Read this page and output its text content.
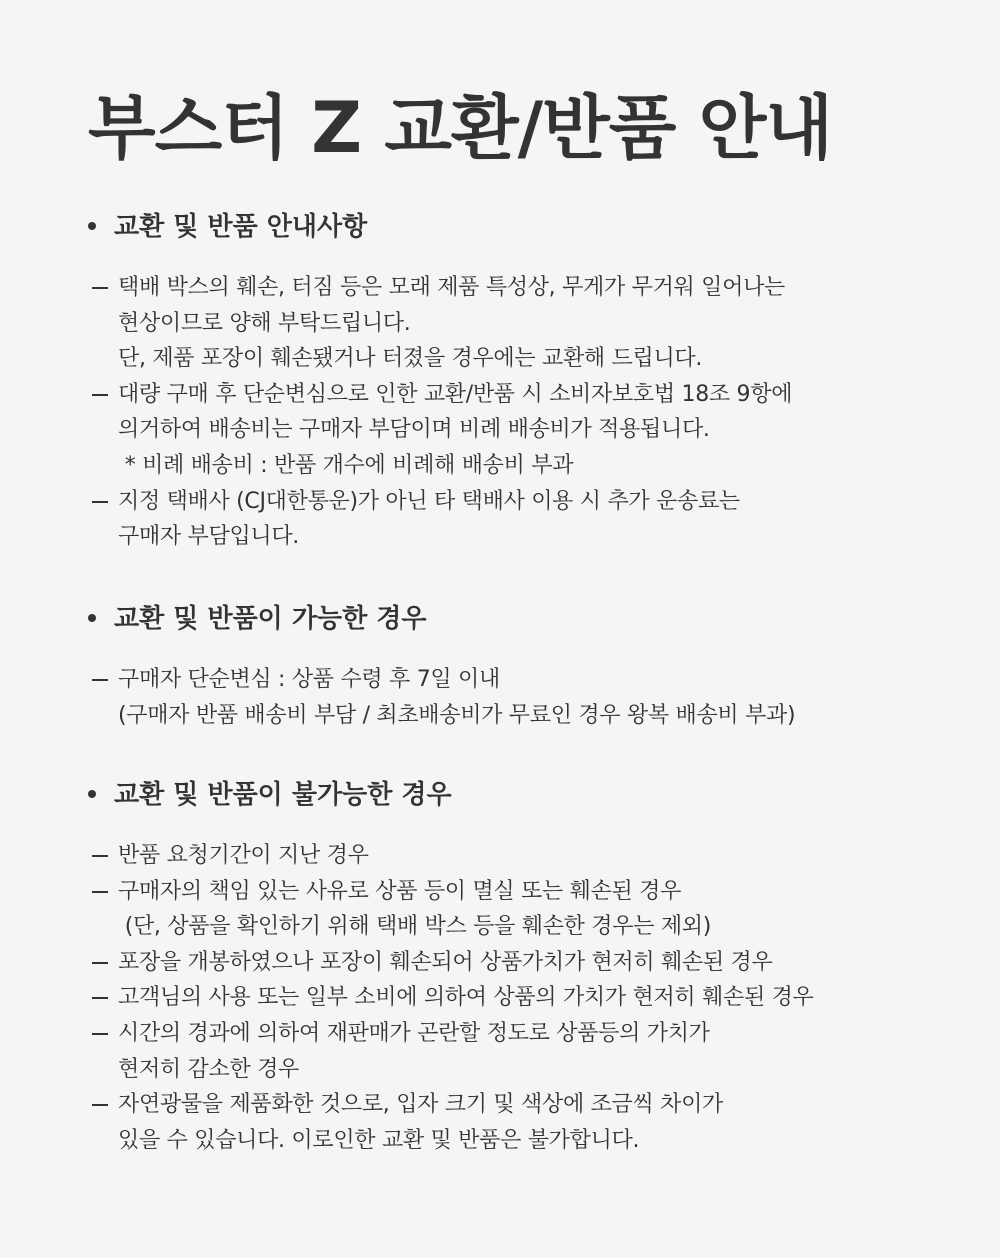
부스터 Z 교환/반품 안내
교환 및 반품 안내사항
택배 박스의 훼손, 터짐 등은 모래 제품 특성상, 무게가 무거워 일어나는
현상이므로 양해 부탁드립니다.
단, 제품 포장이 훼손됐거나 터졌을 경우에는 교환해 드립니다.
대량 구매 후 단순변심으로 인한 교환/반품 시 소비자보호법 18조 9항에
의거하여 배송비는 구매자 부담이며 비례 배송비가 적용됩니다.
* 비례 배송비 : 반품 개수에 비례해 배송비 부과
지정 택배사 (CJ대한통운)가 아닌 타 택배사 이용 시 추가 운송료는
구매자 부담입니다.
교환 및 반품이 가능한 경우
구매자 단순변심 : 상품 수령 후 7일 이내
(구매자 반품 배송비 부담 / 최초배송비가 무료인 경우 왕복 배송비 부과)
교환 및 반품이 불가능한 경우
반품 요청기간이 지난 경우
구매자의 책임 있는 사유로 상품 등이 멸실 또는 훼손된 경우
(단, 상품을 확인하기 위해 택배 박스 등을 훼손한 경우는 제외)
포장을 개봉하였으나 포장이 훼손되어 상품가치가 현저히 훼손된 경우
고객님의 사용 또는 일부 소비에 의하여 상품의 가치가 현저히 훼손된 경우
시간의 경과에 의하여 재판매가 곤란할 정도로 상품등의 가치가
현저히 감소한 경우
자연광물을 제품화한 것으로, 입자 크기 및 색상에 조금씩 차이가
있을 수 있습니다. 이로인한 교환 및 반품은 불가합니다.
